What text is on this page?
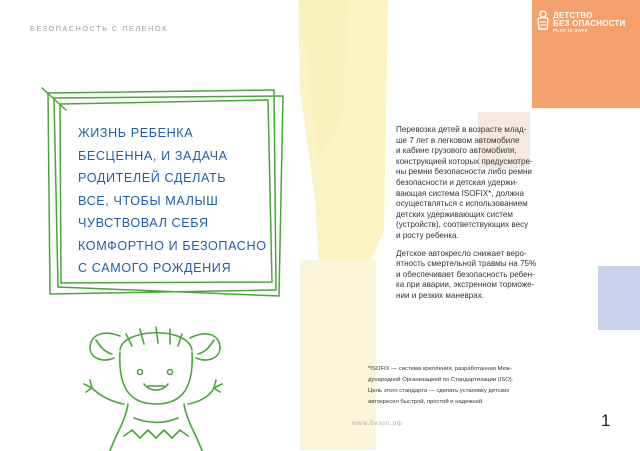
БЕЗОПАСНОСТЬ С ПЕЛЕНОК
ДЕТСТВО
БЕЗ ОПАСНОСТИ
PLAY IS SAFE
ЖИЗНЬ РЕБЕНКА
БЕСЦЕННА, И ЗАДАЧА
РОДИТЕЛЕЙ СДЕЛАТЬ
ВСЕ, ЧТОБЫ МАЛЫШ
ЧУВСТВОВАЛ СЕБЯ
КОМФОРТНО И БЕЗОПАСНО
С САМОГО РОЖДЕНИЯ

Перевозка детей в возрасте млад-
ше 7 лет в легковом автомобиле
и кабине грузового автомобиля,
конструкцией которых предусмотре-
ны ремни безопасности либо ремни
безопасности и детская удержи-
вающая система ISOFIX*, должна
осуществляться с использованием
детских удерживающих систем
(устройств), соответствующих весу
и росту ребенка.

Детское автокресло снижает веро-
ятность смертельной травмы на 75%
и обеспечивает безопасность ребен-
ка при аварии, экстренном торможе-
нии и резких маневрах.

*ISOFIX — система крепления, разработанная Меж-
дународной Организацией по Стандартизации (ISO).
Цель этого стандарта — сделать установку детских
автокресел быстрой, простой и надежной.
www.безрп.рф	1
